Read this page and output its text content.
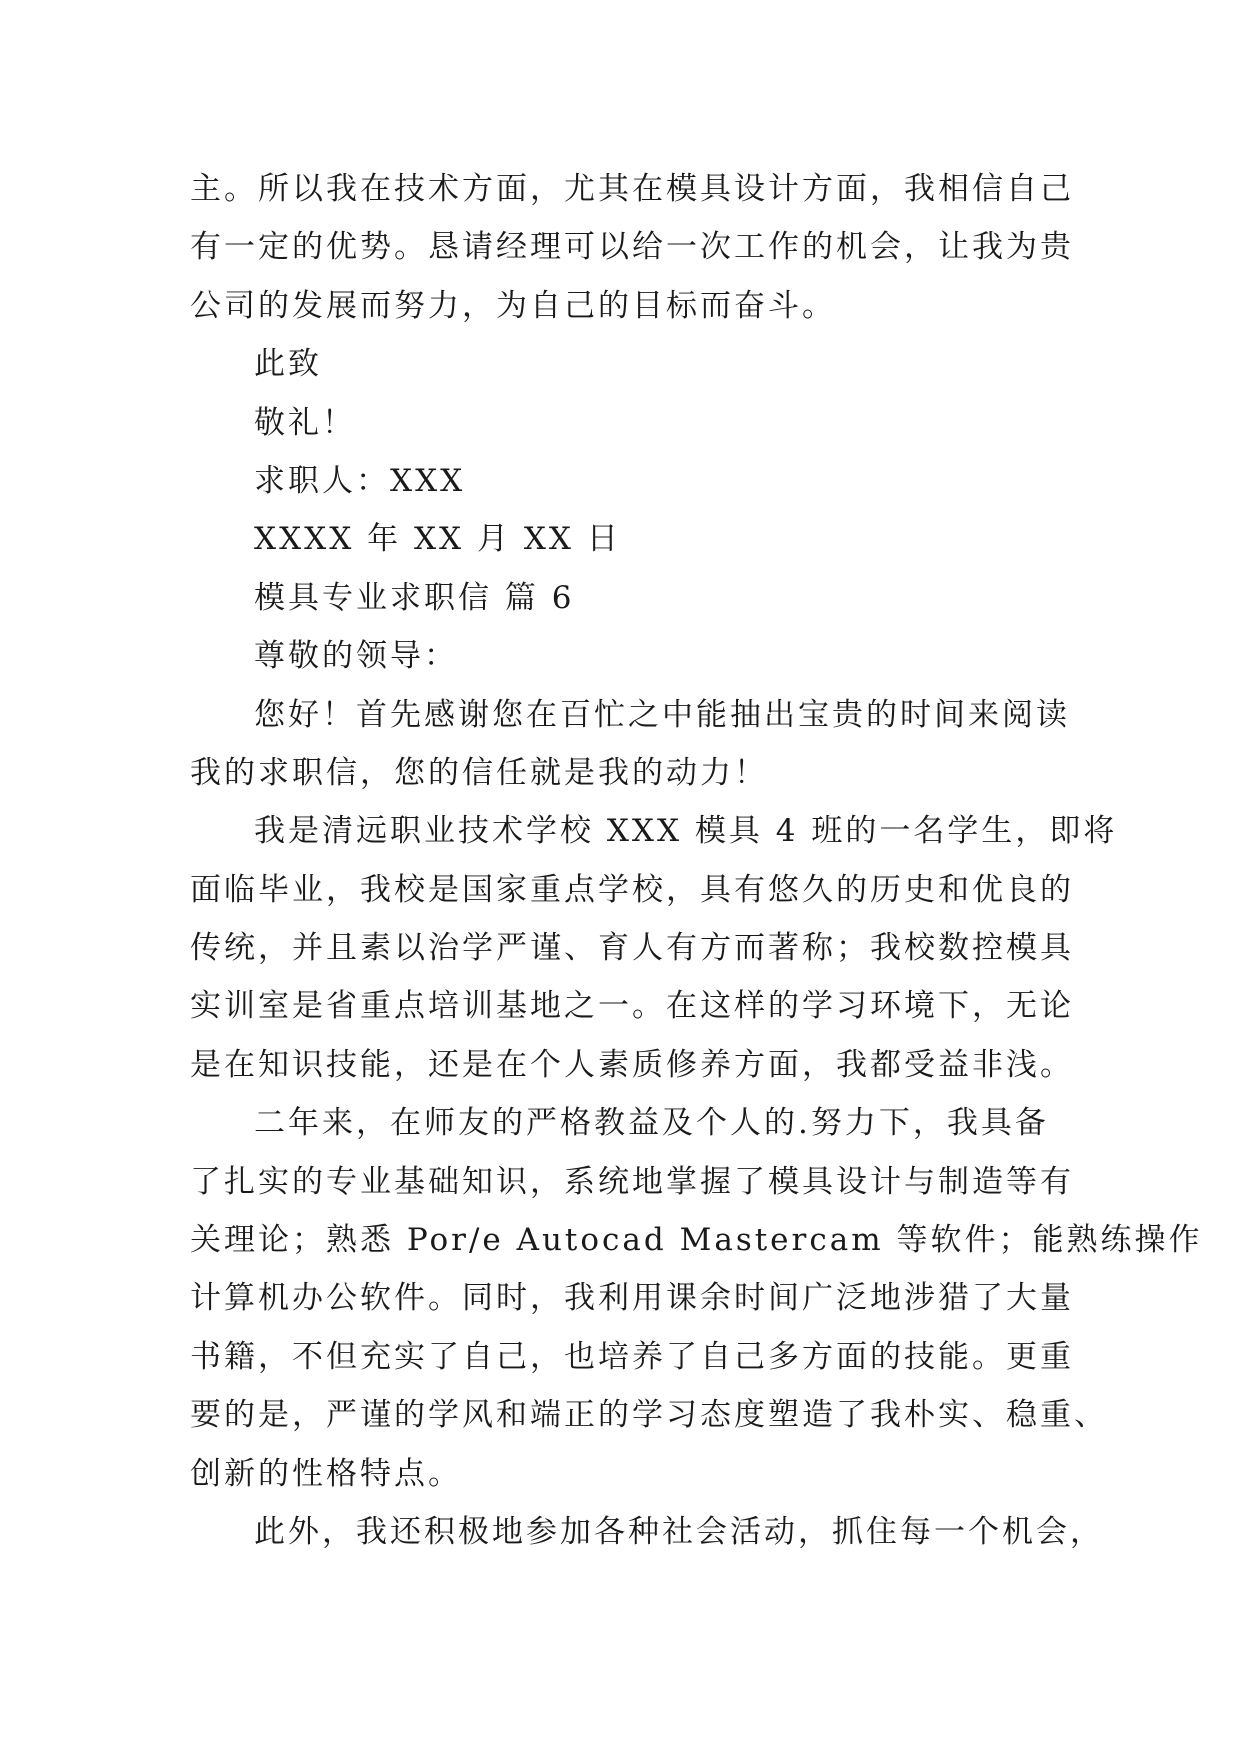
主。所以我在技术方面，尤其在模具设计方面，我相信自己
有一定的优势。恳请经理可以给一次工作的机会，让我为贵
公司的发展而努力，为自己的目标而奋斗。
此致
敬礼！
求职人：XXX
XXXX 年 XX 月 XX 日
模具专业求职信 篇 6
尊敬的领导：
您好！首先感谢您在百忙之中能抽出宝贵的时间来阅读
我的求职信，您的信任就是我的动力！
我是清远职业技术学校 XXX 模具 4 班的一名学生，即将
面临毕业，我校是国家重点学校，具有悠久的历史和优良的
传统，并且素以治学严谨、育人有方而著称；我校数控模具
实训室是省重点培训基地之一。在这样的学习环境下，无论
是在知识技能，还是在个人素质修养方面，我都受益非浅。
二年来，在师友的严格教益及个人的.努力下，我具备
了扎实的专业基础知识，系统地掌握了模具设计与制造等有
关理论；熟悉 Por/e Autocad Mastercam 等软件；能熟练操作
计算机办公软件。同时，我利用课余时间广泛地涉猎了大量
书籍，不但充实了自己，也培养了自己多方面的技能。更重
要的是，严谨的学风和端正的学习态度塑造了我朴实、稳重、
创新的性格特点。
此外，我还积极地参加各种社会活动，抓住每一个机会，
